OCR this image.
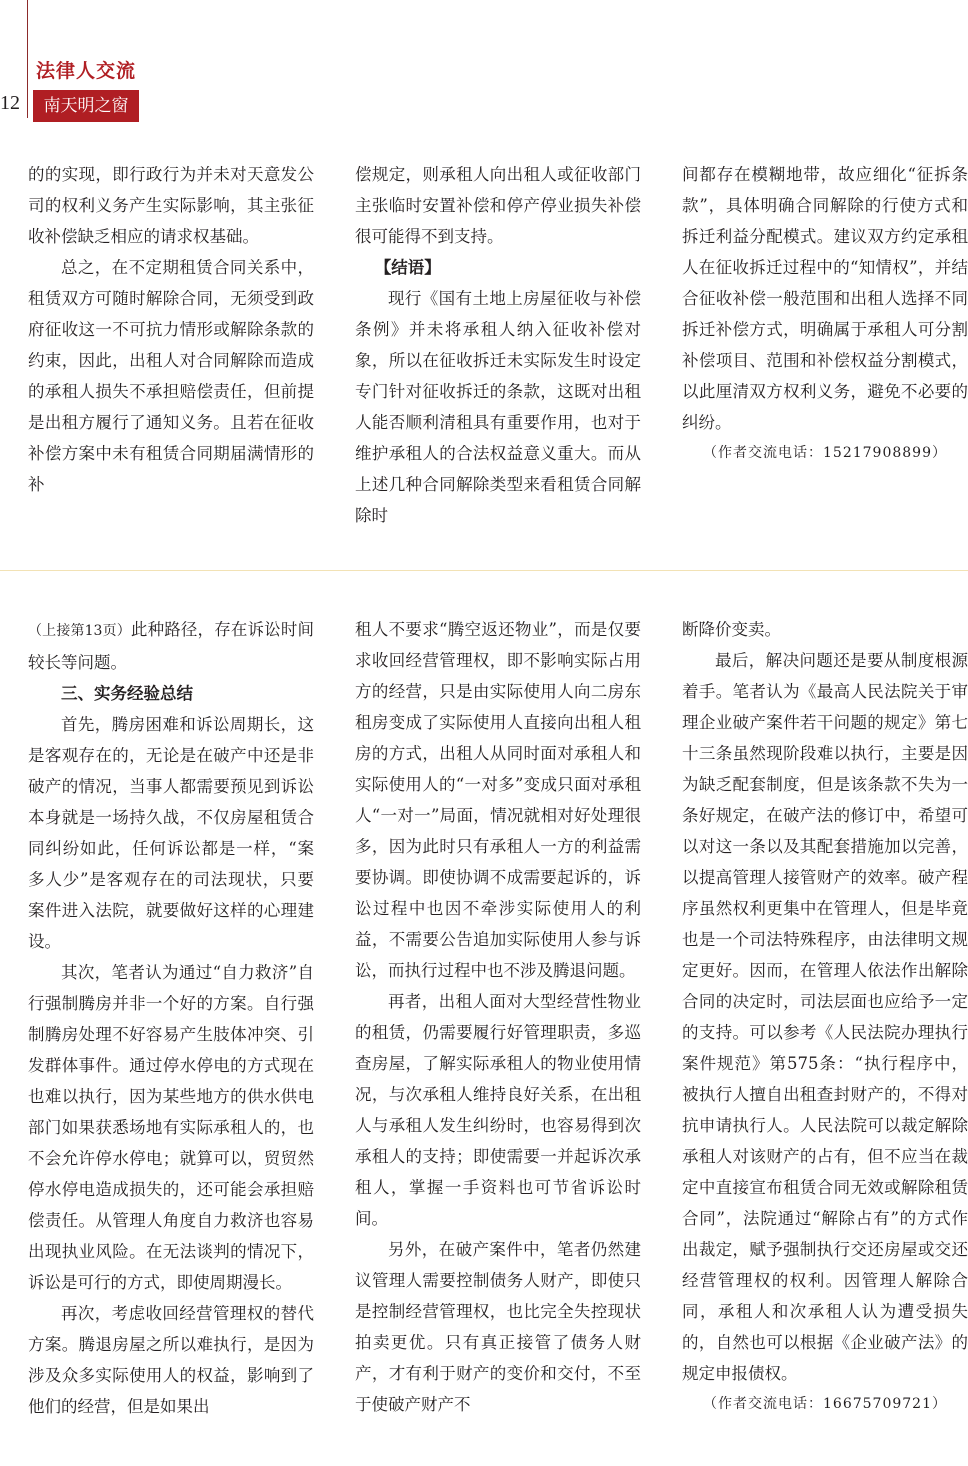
12
法律人交流
南天明之窗

的的实现，即行政行为并未对天意发公司的权利义务产生实际影响，其主张征收补偿缺乏相应的请求权基础。

总之，在不定期租赁合同关系中，租赁双方可随时解除合同，无须受到政府征收这一不可抗力情形或解除条款的约束，因此，出租人对合同解除而造成的承租人损失不承担赔偿责任，但前提是出租方履行了通知义务。且若在征收补偿方案中未有租赁合同期届满情形的补

偿规定，则承租人向出租人或征收部门主张临时安置补偿和停产停业损失补偿很可能得不到支持。

【结语】

现行《国有土地上房屋征收与补偿条例》并未将承租人纳入征收补偿对象，所以在征收拆迁未实际发生时设定专门针对征收拆迁的条款，这既对出租人能否顺利清租具有重要作用，也对于维护承租人的合法权益意义重大。而从上述几种合同解除类型来看租赁合同解除时

间都存在模糊地带，故应细化“征拆条款”，具体明确合同解除的行使方式和拆迁利益分配模式。建议双方约定承租人在征收拆迁过程中的“知情权”，并结合征收补偿一般范围和出租人选择不同拆迁补偿方式，明确属于承租人可分割补偿项目、范围和补偿权益分割模式，以此厘清双方权利义务，避免不必要的纠纷。

（作者交流电话：15217908899）

（上接第13页）此种路径，存在诉讼时间较长等问题。

三、实务经验总结

首先，腾房困难和诉讼周期长，这是客观存在的，无论是在破产中还是非破产的情况，当事人都需要预见到诉讼本身就是一场持久战，不仅房屋租赁合同纠纷如此，任何诉讼都是一样，“案多人少”是客观存在的司法现状，只要案件进入法院，就要做好这样的心理建设。

其次，笔者认为通过“自力救济”自行强制腾房并非一个好的方案。自行强制腾房处理不好容易产生肢体冲突、引发群体事件。通过停水停电的方式现在也难以执行，因为某些地方的供水供电部门如果获悉场地有实际承租人的，也不会允许停水停电；就算可以，贸贸然停水停电造成损失的，还可能会承担赔偿责任。从管理人角度自力救济也容易出现执业风险。在无法谈判的情况下，诉讼是可行的方式，即使周期漫长。

再次，考虑收回经营管理权的替代方案。腾退房屋之所以难执行，是因为涉及众多实际使用人的权益，影响到了他们的经营，但是如果出

租人不要求“腾空返还物业”，而是仅要求收回经营管理权，即不影响实际占用方的经营，只是由实际使用人向二房东租房变成了实际使用人直接向出租人租房的方式，出租人从同时面对承租人和实际使用人的“一对多”变成只面对承租人“一对一”局面，情况就相对好处理很多，因为此时只有承租人一方的利益需要协调。即使协调不成需要起诉的，诉讼过程中也因不牵涉实际使用人的利益，不需要公告追加实际使用人参与诉讼，而执行过程中也不涉及腾退问题。

再者，出租人面对大型经营性物业的租赁，仍需要履行好管理职责，多巡查房屋，了解实际承租人的物业使用情况，与次承租人维持良好关系，在出租人与承租人发生纠纷时，也容易得到次承租人的支持；即使需要一并起诉次承租人，掌握一手资料也可节省诉讼时间。

另外，在破产案件中，笔者仍然建议管理人需要控制债务人财产，即使只是控制经营管理权，也比完全失控现状拍卖更优。只有真正接管了债务人财产，才有利于财产的变价和交付，不至于使破产财产不

断降价变卖。

最后，解决问题还是要从制度根源着手。笔者认为《最高人民法院关于审理企业破产案件若干问题的规定》第七十三条虽然现阶段难以执行，主要是因为缺乏配套制度，但是该条款不失为一条好规定，在破产法的修订中，希望可以对这一条以及其配套措施加以完善，以提高管理人接管财产的效率。破产程序虽然权利更集中在管理人，但是毕竟也是一个司法特殊程序，由法律明文规定更好。因而，在管理人依法作出解除合同的决定时，司法层面也应给予一定的支持。可以参考《人民法院办理执行案件规范》第575条：“执行程序中，被执行人擅自出租查封财产的，不得对抗申请执行人。人民法院可以裁定解除承租人对该财产的占有，但不应当在裁定中直接宣布租赁合同无效或解除租赁合同”，法院通过“解除占有”的方式作出裁定，赋予强制执行交还房屋或交还经营管理权的权利。因管理人解除合同，承租人和次承租人认为遭受损失的，自然也可以根据《企业破产法》的规定申报债权。

（作者交流电话：16675709721）
